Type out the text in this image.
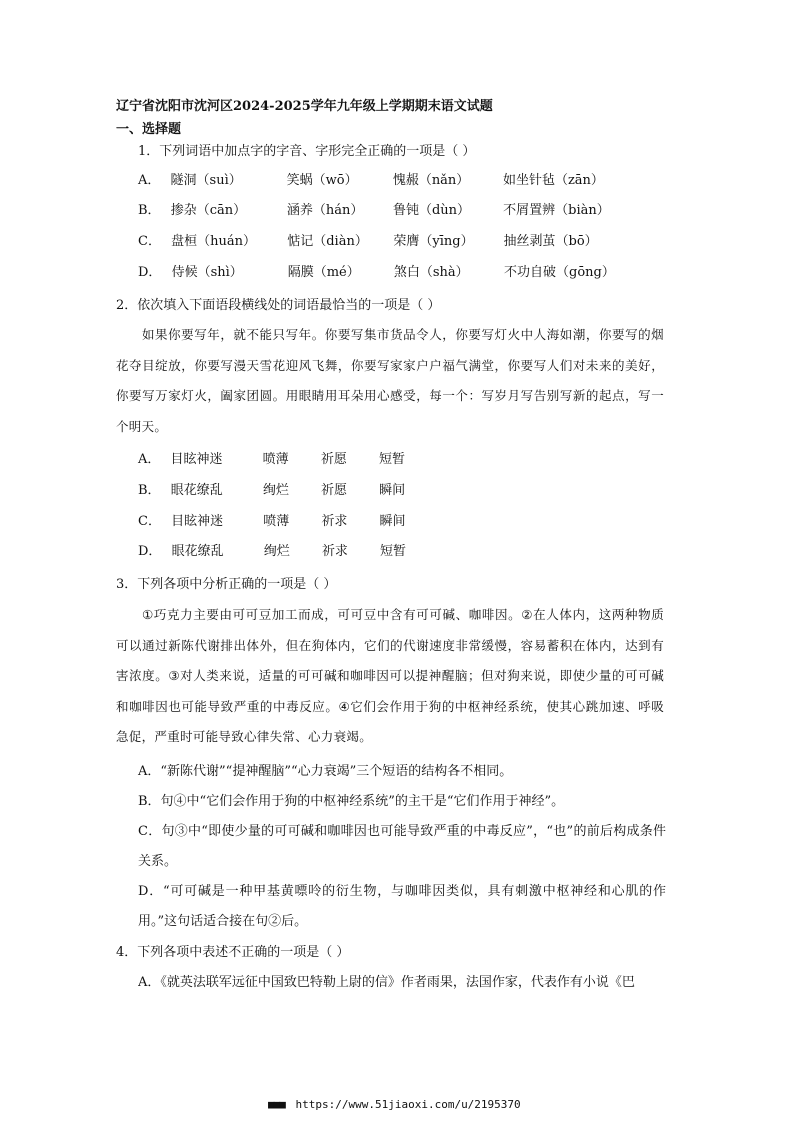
辽宁省沈阳市沈河区2024-2025学年九年级上学期期末语文试题
一、选择题
1．下列词语中加点字的字音、字形完全正确的一项是（ ）
A． 隧洞（suì）	笑蜗（wō）	愧赧（nǎn）	如坐针毡（zān）
B． 掺杂（cān）	涵养（hán） 鲁钝（dùn）	不屑置辨（biàn）
C． 盘桓（huán） 惦记（diàn） 荣膺（yīng） 抽丝剥茧（bō）
D． 侍候（shì）	隔膜（mé）	煞白（shà）	不功自破（gōng）
2．依次填入下面语段横线处的词语最恰当的一项是（ ）
如果你要写年，就不能只写年。你要写集市货品令人，你要写灯火中人海如潮，你要写的烟花夺目绽放，你要写漫天雪花迎风飞舞，你要写家家户户福气满堂，你要写人们对未来的美好，你要写万家灯火，阖家团圆。用眼睛用耳朵用心感受，每一个：写岁月写告别写新的起点，写一个明天。
A． 目眩神迷	喷薄 祈愿 短暂
B． 眼花缭乱	绚烂 祈愿 瞬间
C． 目眩神迷	喷薄 祈求 瞬间
D． 眼花缭乱	绚烂 祈求 短暂
3．下列各项中分析正确的一项是（ ）
①巧克力主要由可可豆加工而成，可可豆中含有可可碱、咖啡因。②在人体内，这两种物质可以通过新陈代谢排出体外，但在狗体内，它们的代谢速度非常缓慢，容易蓄积在体内，达到有害浓度。③对人类来说，适量的可可碱和咖啡因可以提神醒脑；但对狗来说，即使少量的可可碱和咖啡因也可能导致严重的中毒反应。④它们会作用于狗的中枢神经系统，使其心跳加速、呼吸急促，严重时可能导致心律失常、心力衰竭。
A．“新陈代谢”“提神醒脑”“心力衰竭”三个短语的结构各不相同。
B．句④中“它们会作用于狗的中枢神经系统”的主干是“它们作用于神经”。
C．句③中“即使少量的可可碱和咖啡因也可能导致严重的中毒反应”，“也”的前后构成条件关系。
D．“可可碱是一种甲基黄嘌呤的衍生物，与咖啡因类似，具有刺激中枢神经和心肌的作用。”这句话适合接在句②后。
4．下列各项中表述不正确的一项是（ ）
A．《就英法联军远征中国致巴特勒上尉的信》作者雨果，法国作家，代表作有小说《巴
■■■ https://www.51jiaoxi.com/u/2195370
